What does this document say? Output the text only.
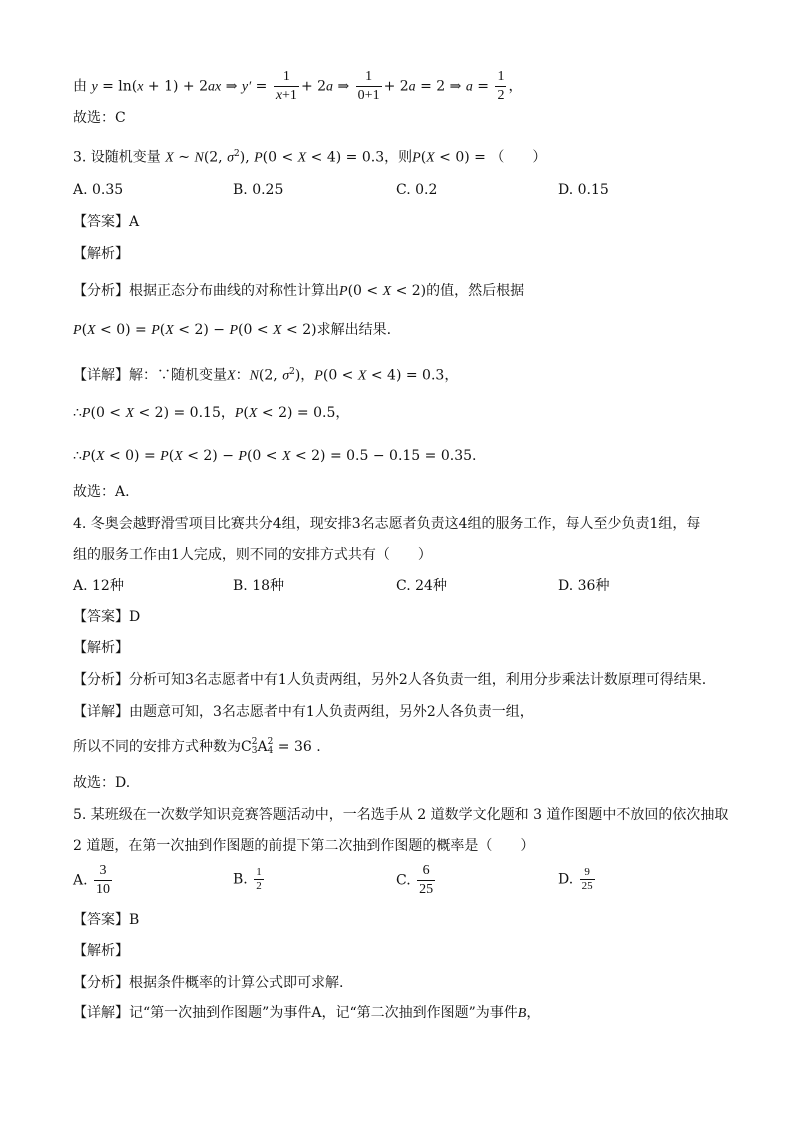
由 y = ln(x + 1) + 2ax ⇒ $y' = \frac{1}{x+1} + 2a$ ⇒ $\frac{1}{0+1} + 2a = 2$ ⇒ $a = \frac{1}{2}$ ，
故选：C
3. 设随机变量 X ~ N(2, $\sigma^2$), P(0 < X < 4) = 0.3，则P(X < 0) = （　　）
A. 0.35	B. 0.25	C. 0.2	D. 0.15
【答案】A
【解析】
【分析】根据正态分布曲线的对称性计算出P(0 < X < 2)的值，然后根据
P(X < 0) = P(X < 2) − P(0 < X < 2)求解出结果.
【详解】解：∵随机变量X：N(2, $\sigma^2$)，P(0 < X < 4) = 0.3，
∴P(0 < X < 2) = 0.15，P(X < 2) = 0.5，
∴P(X < 0) = P(X < 2) − P(0 < X < 2) = 0.5 − 0.15 = 0.35.
故选：A.
4. 冬奥会越野滑雪项目比赛共分4组，现安排3名志愿者负责这4组的服务工作，每人至少负责1组，每
组的服务工作由1人完成，则不同的安排方式共有（　　）
A. 12种	B. 18种	C. 24种	D. 36种
【答案】D
【解析】
【分析】分析可知3名志愿者中有1人负责两组，另外2人各负责一组，利用分步乘法计数原理可得结果.
【详解】由题意可知，3名志愿者中有1人负责两组，另外2人各负责一组，
所以不同的安排方式种数为C2
3A2
4 = 36 .
故选：D.
5. 某班级在一次数学知识竞赛答题活动中，一名选手从 2 道数学文化题和 3 道作图题中不放回的依次抽取
2 道题，在第一次抽到作图题的前提下第二次抽到作图题的概率是（　　）
A. $\frac{3}{10}$	B. $\frac{1}{2}$	C. $\frac{6}{25}$	D. $\frac{9}{25}$
【答案】B
【解析】
【分析】根据条件概率的计算公式即可求解.
【详解】记“第一次抽到作图题”为事件A，记“第二次抽到作图题”为事件B，
